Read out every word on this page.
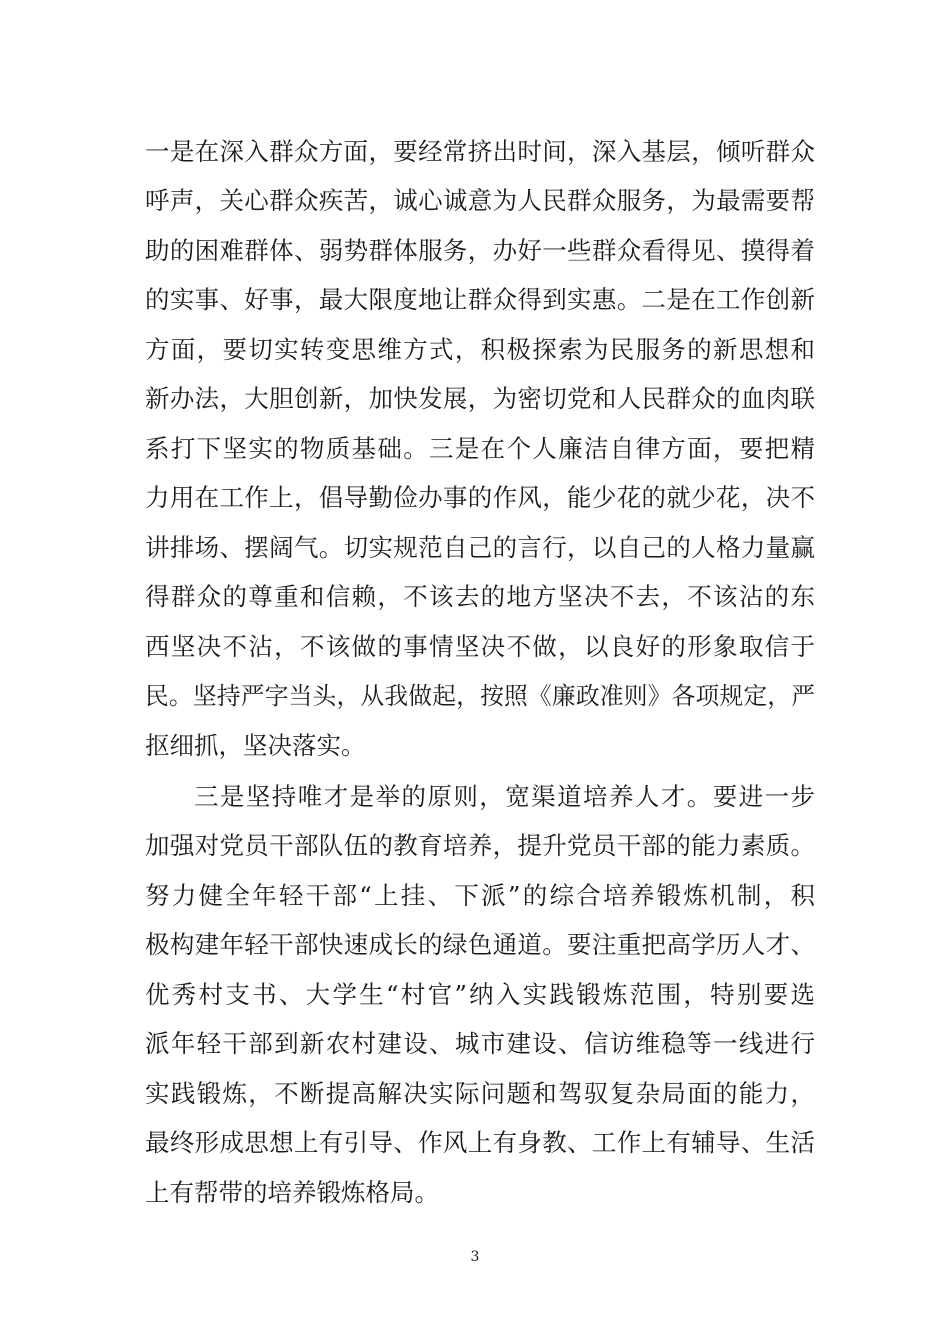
一是在深入群众方面，要经常挤出时间，深入基层，倾听群众
呼声，关心群众疾苦，诚心诚意为人民群众服务，为最需要帮
助的困难群体、弱势群体服务，办好一些群众看得见、摸得着
的实事、好事，最大限度地让群众得到实惠。二是在工作创新
方面，要切实转变思维方式，积极探索为民服务的新思想和
新办法，大胆创新，加快发展，为密切党和人民群众的血肉联
系打下坚实的物质基础。三是在个人廉洁自律方面，要把精
力用在工作上，倡导勤俭办事的作风，能少花的就少花，决不
讲排场、摆阔气。切实规范自己的言行，以自己的人格力量赢
得群众的尊重和信赖，不该去的地方坚决不去，不该沾的东
西坚决不沾，不该做的事情坚决不做，以良好的形象取信于
民。坚持严字当头，从我做起，按照《廉政准则》各项规定，严
抠细抓，坚决落实。
三是坚持唯才是举的原则，宽渠道培养人才。要进一步
加强对党员干部队伍的教育培养，提升党员干部的能力素质。
努力健全年轻干部“上挂、下派”的综合培养锻炼机制，积
极构建年轻干部快速成长的绿色通道。要注重把高学历人才、
优秀村支书、大学生“村官”纳入实践锻炼范围，特别要选
派年轻干部到新农村建设、城市建设、信访维稳等一线进行
实践锻炼，不断提高解决实际问题和驾驭复杂局面的能力，
最终形成思想上有引导、作风上有身教、工作上有辅导、生活
上有帮带的培养锻炼格局。
3
